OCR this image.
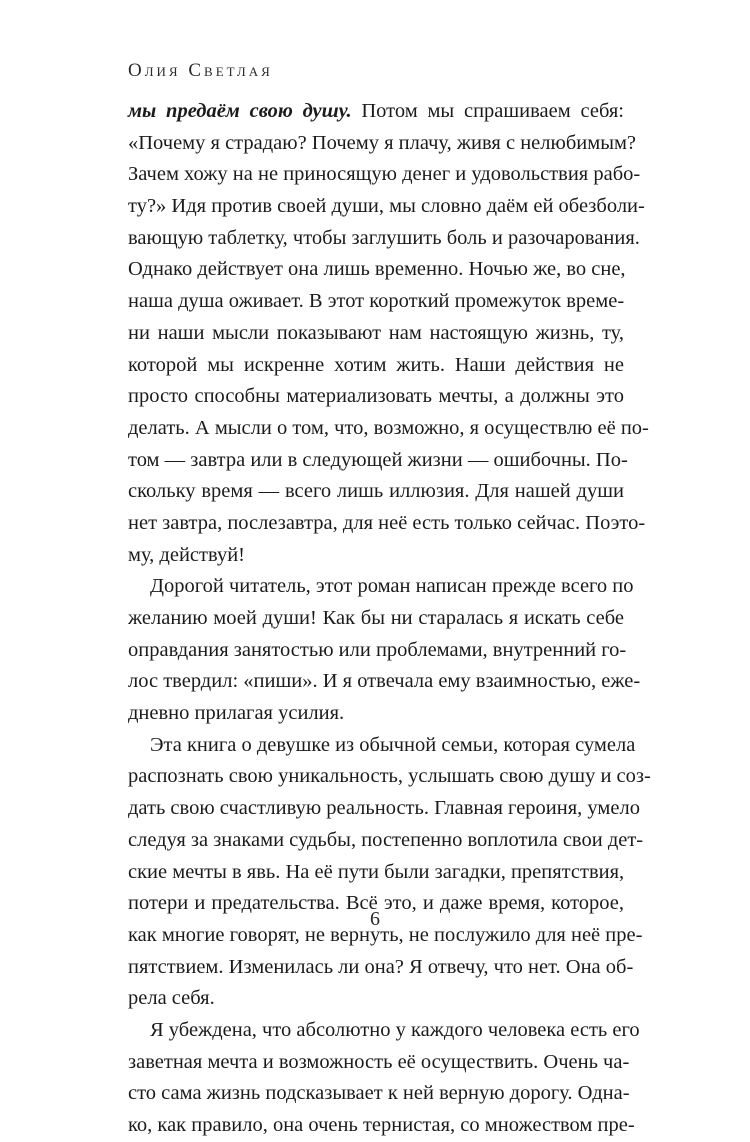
Олия Светлая
мы предаём свою душу. Потом мы спрашиваем себя:
«Почему я страдаю? Почему я плачу, живя с нелюбимым?
Зачем хожу на не приносящую денег и удовольствия рабо-
ту?» Идя против своей души, мы словно даём ей обезболи-
вающую таблетку, чтобы заглушить боль и разочарования.
Однако действует она лишь временно. Ночью же, во сне,
наша душа оживает. В этот короткий промежуток време-
ни наши мысли показывают нам настоящую жизнь, ту,
которой мы искренне хотим жить. Наши действия не
просто способны материализовать мечты, а должны это
делать. А мысли о том, что, возможно, я осуществлю её по-
том — завтра или в следующей жизни — ошибочны. По-
скольку время — всего лишь иллюзия. Для нашей души
нет завтра, послезавтра, для неё есть только сейчас. Поэто-
му, действуй!
Дорогой читатель, этот роман написан прежде всего по
желанию моей души! Как бы ни старалась я искать себе
оправдания занятостью или проблемами, внутренний го-
лос твердил: «пиши». И я отвечала ему взаимностью, еже-
дневно прилагая усилия.
Эта книга о девушке из обычной семьи, которая сумела
распознать свою уникальность, услышать свою душу и соз-
дать свою счастливую реальность. Главная героиня, умело
следуя за знаками судьбы, постепенно воплотила свои дет-
ские мечты в явь. На её пути были загадки, препятствия,
потери и предательства. Всё это, и даже время, которое,
как многие говорят, не вернуть, не послужило для неё пре-
пятствием. Изменилась ли она? Я отвечу, что нет. Она об-
рела себя.
Я убеждена, что абсолютно у каждого человека есть его
заветная мечта и возможность её осуществить. Очень ча-
сто сама жизнь подсказывает к ней верную дорогу. Одна-
ко, как правило, она очень тернистая, со множеством пре-
6
